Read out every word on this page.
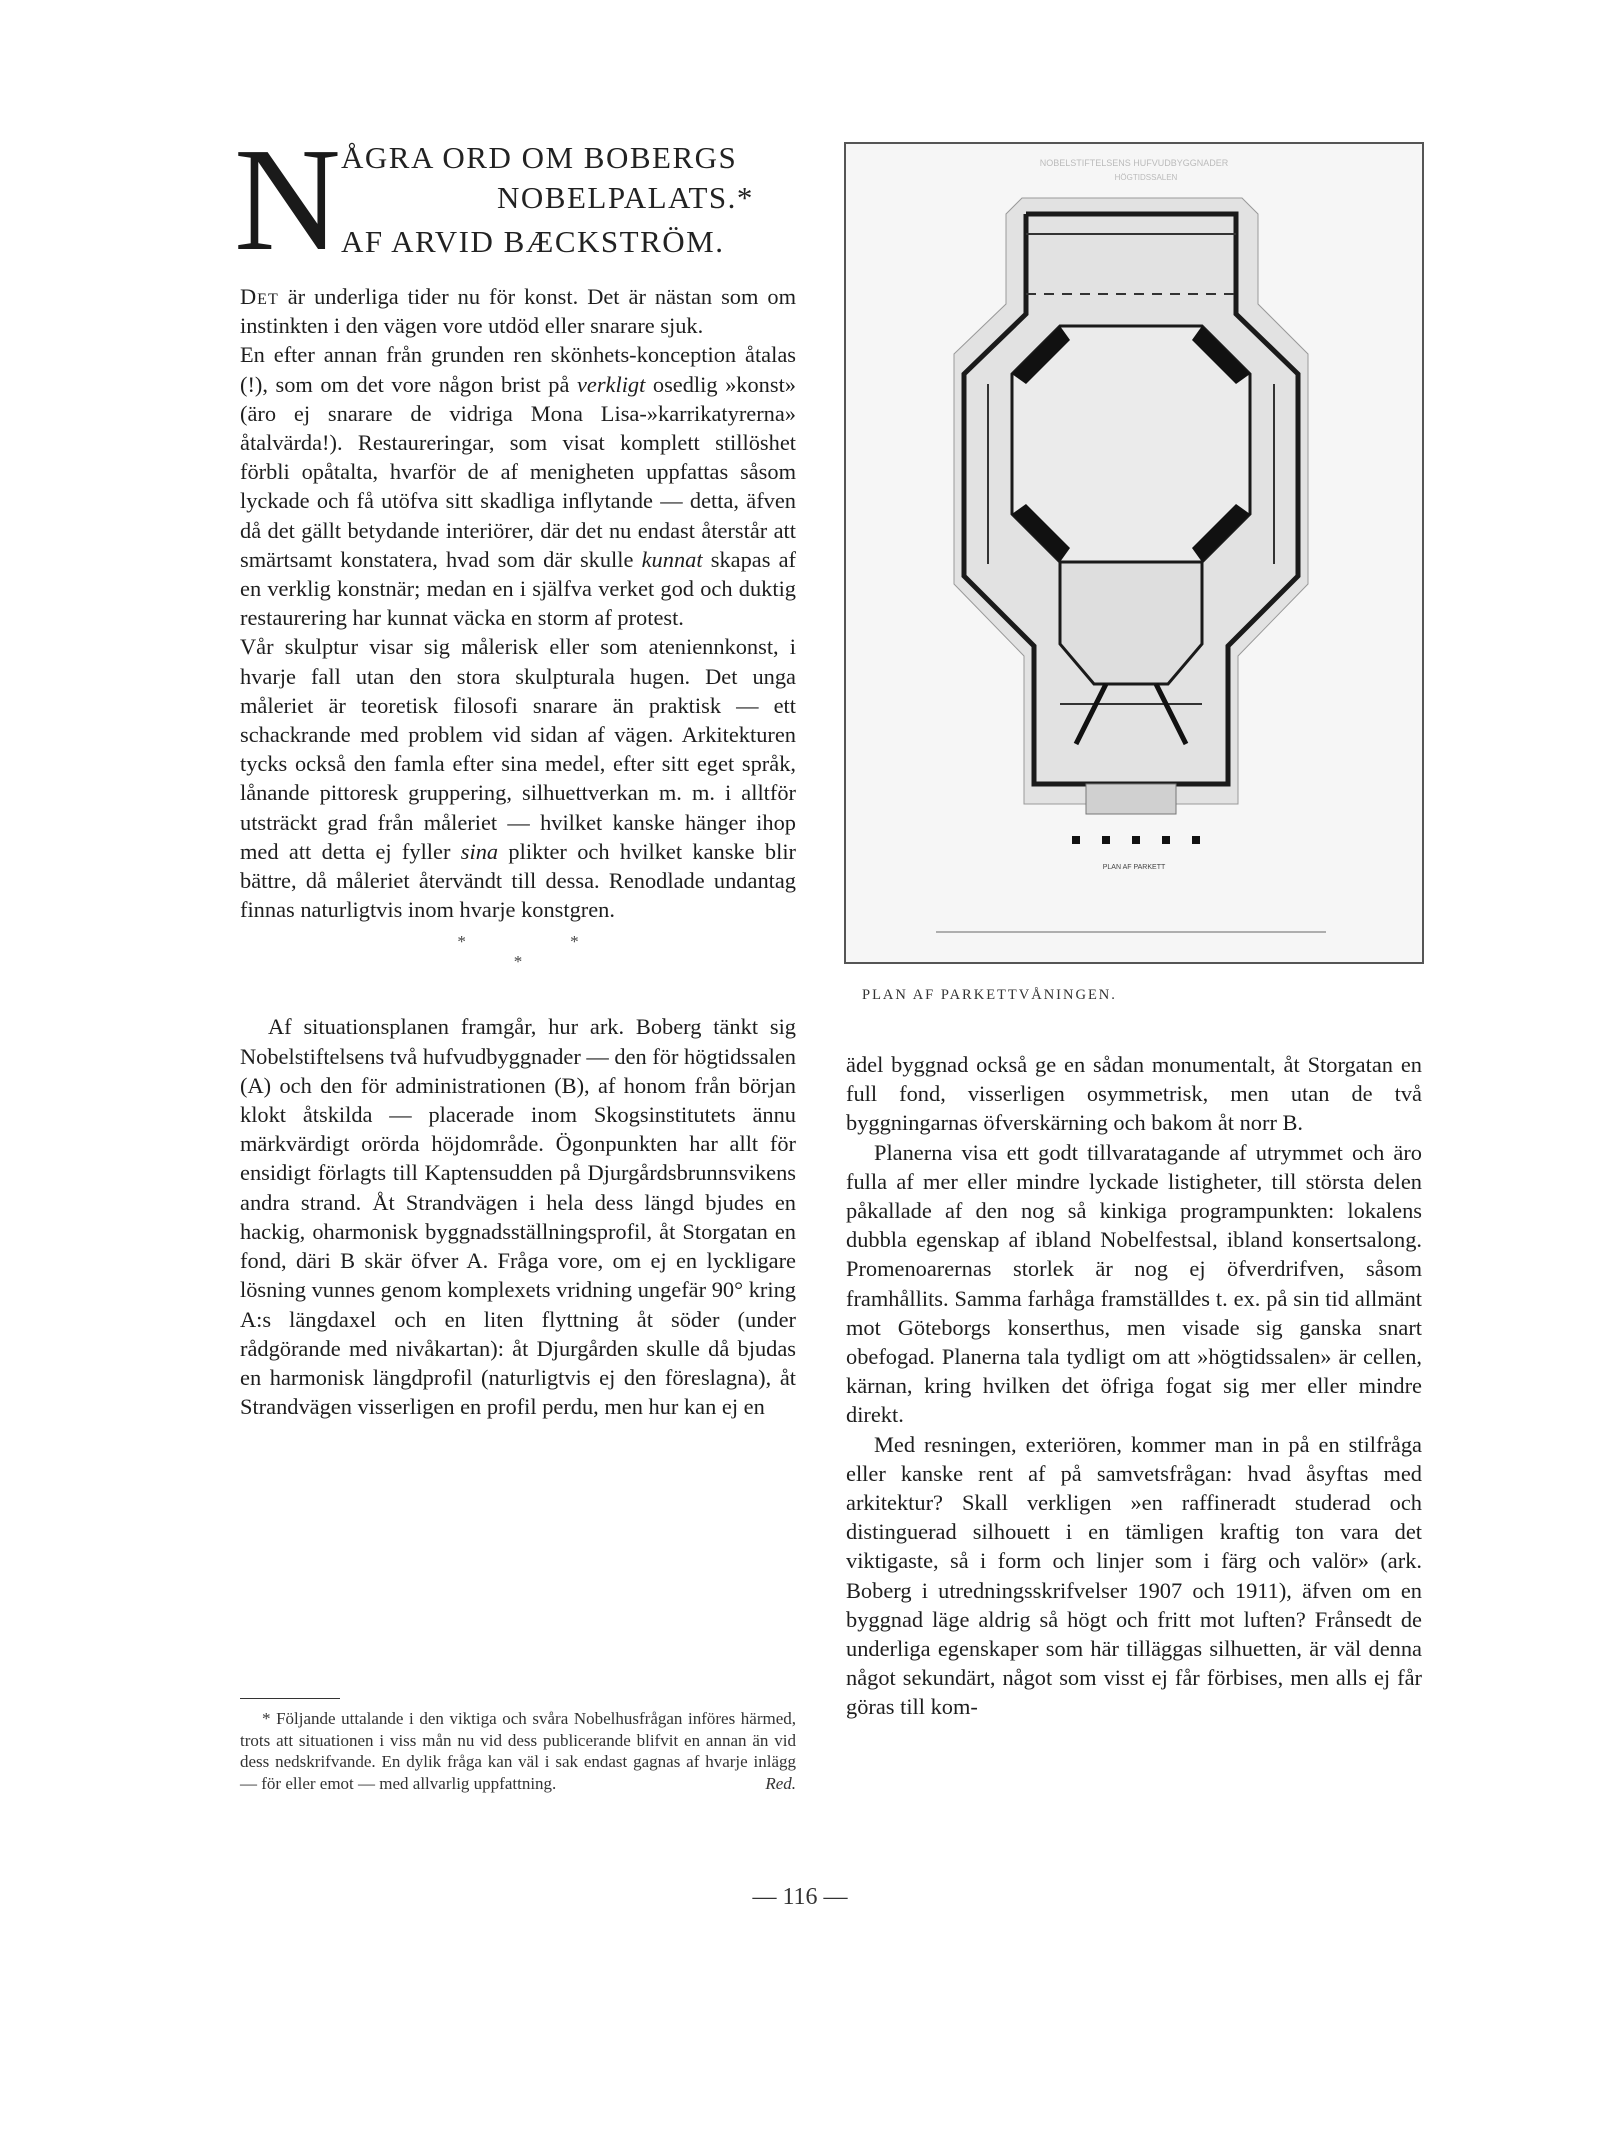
N ÅGRA ORD OM BOBERGS
NOBELPALATS.*
AF ARVID BÆCKSTRÖM.

Det är underliga tider nu för konst. Det är nästan som om instinkten i den vägen vore utdöd eller snarare sjuk.

En efter annan från grunden ren skönhets-konception åtalas (!), som om det vore någon brist på verkligt osedlig »konst» (äro ej snarare de vidriga Mona Lisa-»karrikatyrerna» åtalvärda!). Restaureringar, som visat komplett stillöshet förbli opåtalta, hvarför de af menigheten uppfattas såsom lyckade och få utöfva sitt skadliga inflytande — detta, äfven då det gällt betydande interiörer, där det nu endast återstår att smärtsamt konstatera, hvad som där skulle kunnat skapas af en verklig konstnär; medan en i själfva verket god och duktig restaurering har kunnat väcka en storm af protest.

Vår skulptur visar sig målerisk eller som ateniennkonst, i hvarje fall utan den stora skulpturala hugen. Det unga måleriet är teoretisk filosofi snarare än praktisk — ett schackrande med problem vid sidan af vägen. Arkitekturen tycks också den famla efter sina medel, efter sitt eget språk, lånande pittoresk gruppering, silhuettverkan m. m. i alltför utsträckt grad från måleriet — hvilket kanske hänger ihop med att detta ej fyller sina plikter och hvilket kanske blir bättre, då måleriet återvändt till dessa. Renodlade undantag finnas naturligtvis inom hvarje konstgren.

* *
*

Af situationsplanen framgår, hur ark. Boberg tänkt sig Nobelstiftelsens två hufvudbyggnader — den för högtidssalen (A) och den för administrationen (B), af honom från början klokt åtskilda — placerade inom Skogsinstitutets ännu märkvärdigt orörda höjdområde. Ögonpunkten har allt för ensidigt förlagts till Kaptensudden på Djurgårdsbrunnsvikens andra strand. Åt Strandvägen i hela dess längd bjudes en hackig, oharmonisk byggnadsställningsprofil, åt Storgatan en fond, däri B skär öfver A. Fråga vore, om ej en lyckligare lösning vunnes genom komplexets vridning ungefär 90° kring A:s längdaxel och en liten flyttning åt söder (under rådgörande med nivåkartan): åt Djurgården skulle då bjudas en harmonisk längdprofil (naturligtvis ej den föreslagna), åt Strandvägen visserligen en profil perdu, men hur kan ej en

* Följande uttalande i den viktiga och svåra Nobelhusfrågan införes härmed, trots att situationen i viss mån nu vid dess publicerande blifvit en annan än vid dess nedskrifvande. En dylik fråga kan väl i sak endast gagnas af hvarje inlägg — för eller emot — med allvarlig uppfattning.	Red.

NOBELSTIFTELSENS HUFVUDBYGGNADER
HÖGTIDSSALEN
PLAN AF PARKETT
PLAN AF PARKETTVÅNINGEN.

ädel byggnad också ge en sådan monumentalt, åt Storgatan en full fond, visserligen osymmetrisk, men utan de två byggningarnas öfverskärning och bakom åt norr B.

Planerna visa ett godt tillvaratagande af utrymmet och äro fulla af mer eller mindre lyckade listigheter, till största delen påkallade af den nog så kinkiga programpunkten: lokalens dubbla egenskap af ibland Nobelfestsal, ibland konsertsalong. Promenoarernas storlek är nog ej öfverdrifven, såsom framhållits. Samma farhåga framställdes t. ex. på sin tid allmänt mot Göteborgs konserthus, men visade sig ganska snart obefogad. Planerna tala tydligt om att »högtidssalen» är cellen, kärnan, kring hvilken det öfriga fogat sig mer eller mindre direkt.

Med resningen, exteriören, kommer man in på en stilfråga eller kanske rent af på samvetsfrågan: hvad åsyftas med arkitektur? Skall verkligen »en raffineradt studerad och distinguerad silhouett i en tämligen kraftig ton vara det viktigaste, så i form och linjer som i färg och valör» (ark. Boberg i utredningsskrifvelser 1907 och 1911), äfven om en byggnad läge aldrig så högt och fritt mot luften? Frånsedt de underliga egenskaper som här tilläggas silhuetten, är väl denna något sekundärt, något som visst ej får förbises, men alls ej får göras till kom-

— 116 —
